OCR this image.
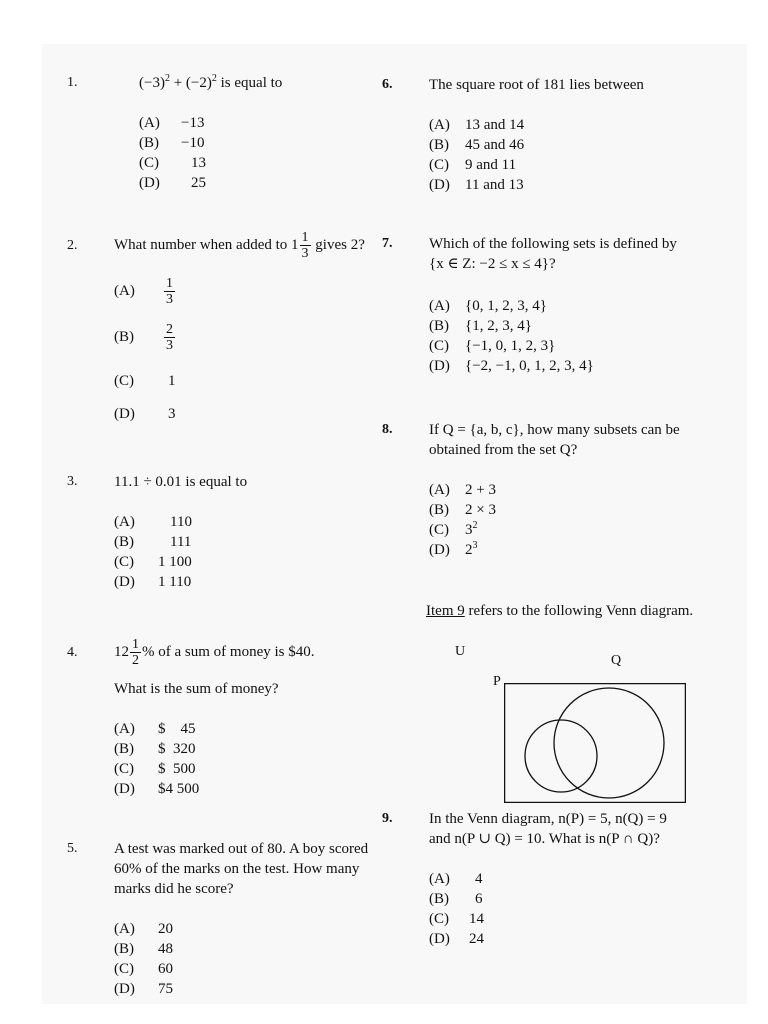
1.	$(-3)^2 + (-2)^2$ is equal to
(A) −13
(B) −10
(C) 13
(D) 25
2. What number when added to $1 \frac{1}{3}$ gives 2?
$(A) \frac{1}{3}$
$(B) \frac{2}{3}$
(C) 1
(D) 3
3. 11.1 ÷ 0.01 is equal to
(A) 110
(B) 111
(C) 1 100
(D) 1 110
4. $12 \frac{1}{2}$ % of a sum of money is $40.
What is the sum of money?
(A) $    45
(B) $  320
(C) $  500
(D) $4 500
5. A test was marked out of 80. A boy scored
60% of the marks on the test. How many
marks did he score?
(A) 20
(B) 48
(C) 60
(D) 75
6. The square root of 181 lies between
(A) 13 and 14
(B) 45 and 46
(C) 9 and 11
(D) 11 and 13
7. Which of the following sets is defined by
{x ∈ Z: −2 ≤ x ≤ 4}?
(A) {0, 1, 2, 3, 4}
(B) {1, 2, 3, 4}
(C) {−1, 0, 1, 2, 3}
(D) {−2, −1, 0, 1, 2, 3, 4}
8. If Q = {a, b, c}, how many subsets can be
obtained from the set Q?
(A) 2 + 3
(B) 2 × 3
(C) $3^2$
(D) $2^3$
Item 9 refers to the following Venn diagram.
U
P
Q
9. In the Venn diagram, n(P) = 5, n(Q) = 9
and n(P ∪ Q) = 10. What is n(P ∩ Q)?
(A) 4
(B) 6
(C) 14
(D) 24
